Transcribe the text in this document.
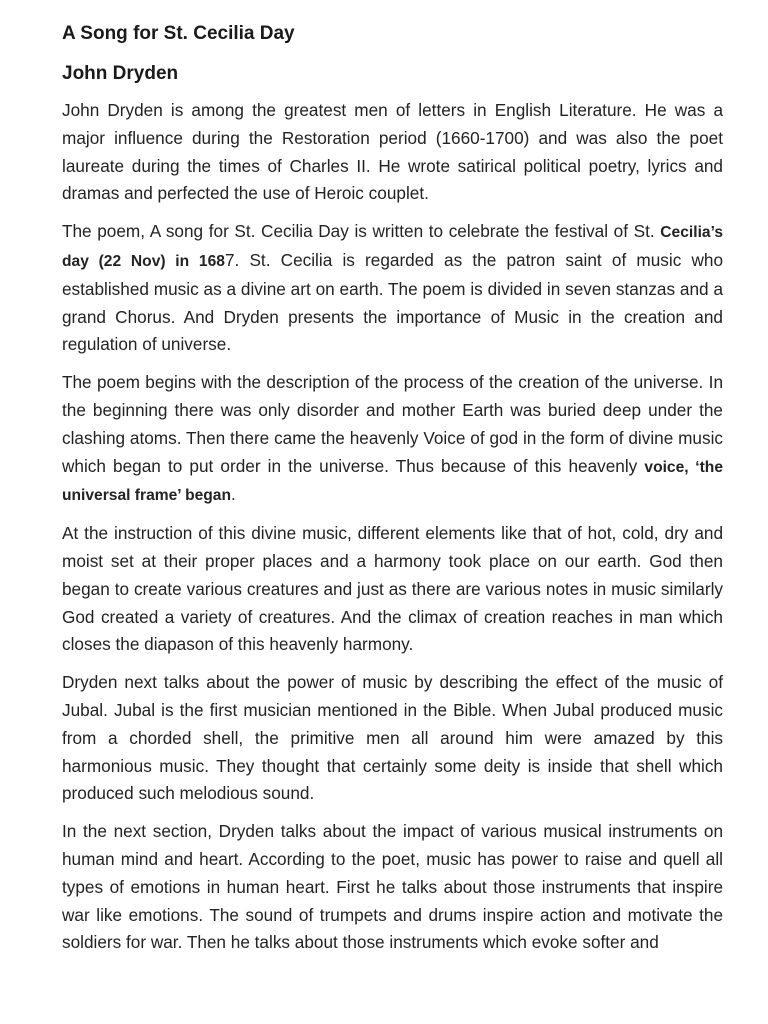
A Song for St. Cecilia Day
John Dryden

John Dryden is among the greatest men of letters in English Literature. He was a major influence during the Restoration period (1660-1700) and was also the poet laureate during the times of Charles II. He wrote satirical political poetry, lyrics and dramas and perfected the use of Heroic couplet.

The poem, A song for St. Cecilia Day is written to celebrate the festival of St. Cecilia’s day (22 Nov) in 1687. St. Cecilia is regarded as the patron saint of music who established music as a divine art on earth. The poem is divided in seven stanzas and a grand Chorus. And Dryden presents the importance of Music in the creation and regulation of universe.

The poem begins with the description of the process of the creation of the universe. In the beginning there was only disorder and mother Earth was buried deep under the clashing atoms. Then there came the heavenly Voice of god in the form of divine music which began to put order in the universe. Thus because of this heavenly voice, ‘the universal frame’ began.

At the instruction of this divine music, different elements like that of hot, cold, dry and moist set at their proper places and a harmony took place on our earth. God then began to create various creatures and just as there are various notes in music similarly God created a variety of creatures. And the climax of creation reaches in man which closes the diapason of this heavenly harmony.

Dryden next talks about the power of music by describing the effect of the music of Jubal. Jubal is the first musician mentioned in the Bible. When Jubal produced music from a chorded shell, the primitive men all around him were amazed by this harmonious music. They thought that certainly some deity is inside that shell which produced such melodious sound.

In the next section, Dryden talks about the impact of various musical instruments on human mind and heart. According to the poet, music has power to raise and quell all types of emotions in human heart. First he talks about those instruments that inspire war like emotions. The sound of trumpets and drums inspire action and motivate the soldiers for war. Then he talks about those instruments which evoke softer and
